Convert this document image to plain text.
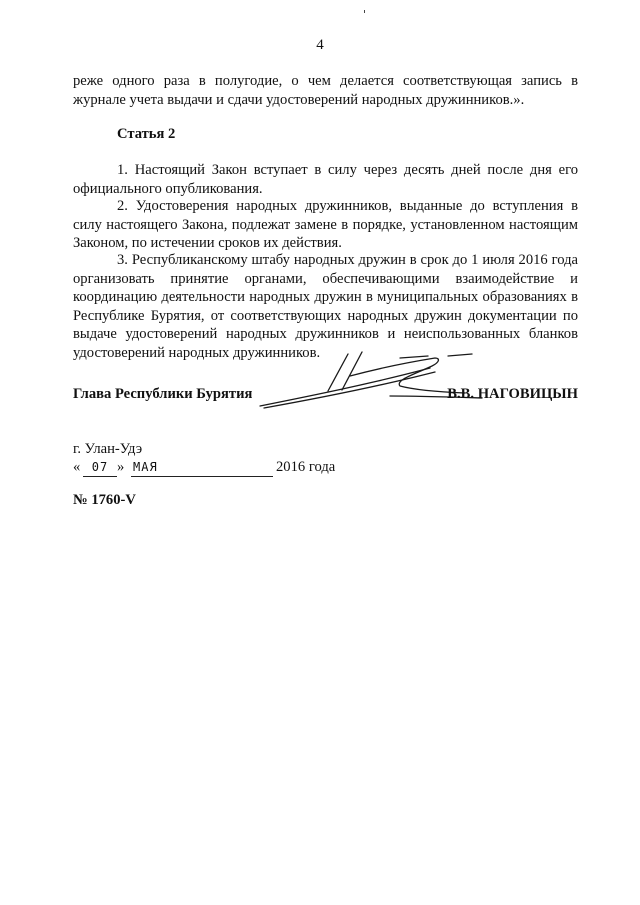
4

реже одного раза в полугодие, о чем делается соответствующая запись в журнале учета выдачи и сдачи удостоверений народных дружинников.».

Статья 2

1. Настоящий Закон вступает в силу через десять дней после дня его официального опубликования.

2. Удостоверения народных дружинников, выданные до вступления в силу настоящего Закона, подлежат замене в порядке, установленном настоящим Законом, по истечении сроков их действия.

3. Республиканскому штабу народных дружин в срок до 1 июля 2016 года организовать принятие органами, обеспечивающими взаимодействие и координацию деятельности народных дружин в муниципальных образованиях в Республике Бурятия, от соответствующих народных дружин документации по выдаче удостоверений народных дружинников и неиспользованных бланков удостоверений народных дружинников.

Глава Республики Бурятия	В.В. НАГОВИЦЫН
г. Улан-Удэ
« 07 » МАЯ	2016 года
№ 1760-V
